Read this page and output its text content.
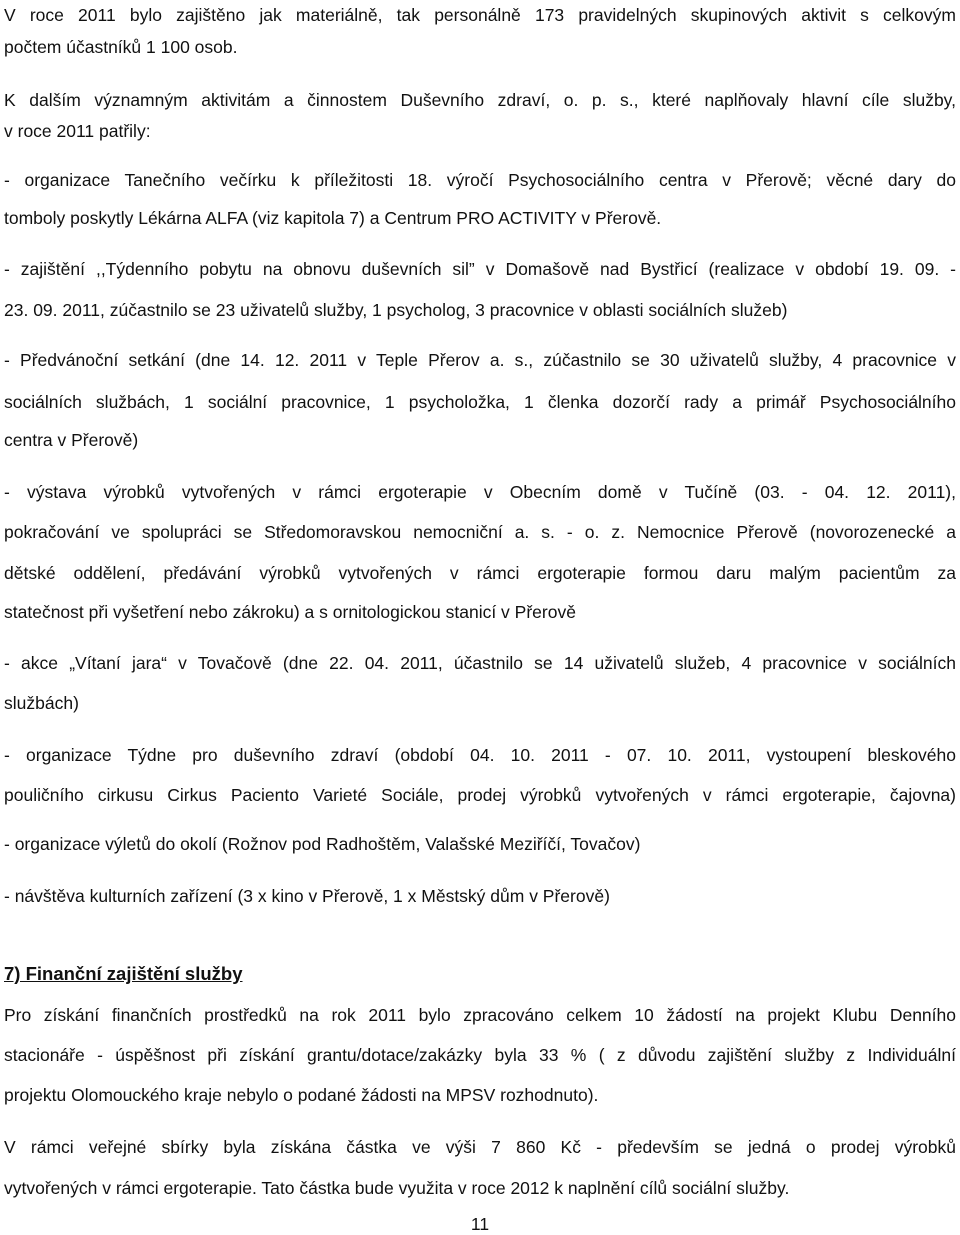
V roce 2011 bylo zajištěno jak materiálně, tak personálně 173 pravidelných skupinových aktivit s celkovým
počtem účastníků 1 100 osob.
K dalším významným aktivitám a činnostem Duševního zdraví, o. p. s., které naplňovaly hlavní cíle služby,
v roce 2011 patřily:
- organizace Tanečního večírku k příležitosti 18. výročí Psychosociálního centra v Přerově; věcné dary do
tomboly poskytly Lékárna ALFA (viz kapitola 7) a Centrum PRO ACTIVITY v Přerově.
- zajištění ,,Týdenního pobytu na obnovu duševních sil” v Domašově nad Bystřicí (realizace v období 19. 09. -
23. 09. 2011, zúčastnilo se 23 uživatelů služby, 1 psycholog, 3 pracovnice v oblasti sociálních služeb)
- Předvánoční setkání (dne 14. 12. 2011 v Teple Přerov a. s., zúčastnilo se 30 uživatelů služby, 4 pracovnice v
sociálních službách, 1 sociální pracovnice, 1 psycholožka, 1 členka dozorčí rady a primář Psychosociálního
centra v Přerově)
- výstava výrobků vytvořených v rámci ergoterapie v Obecním domě v Tučíně (03. - 04. 12. 2011),
pokračování ve spolupráci se Středomoravskou nemocniční a. s. - o. z. Nemocnice Přerově (novorozenecké a
dětské oddělení, předávání výrobků vytvořených v rámci ergoterapie formou daru malým pacientům za
statečnost při vyšetření nebo zákroku) a s ornitologickou stanicí v Přerově
- akce „Vítaní jara“ v Tovačově (dne 22. 04. 2011, účastnilo se 14 uživatelů služeb, 4 pracovnice v sociálních
službách)
- organizace Týdne pro duševního zdraví (období 04. 10. 2011 - 07. 10. 2011, vystoupení bleskového
pouličního cirkusu Cirkus Paciento Varieté Sociále, prodej výrobků vytvořených v rámci ergoterapie, čajovna)
- organizace výletů do okolí (Rožnov pod Radhoštěm, Valašské Meziříčí, Tovačov)
- návštěva kulturních zařízení (3 x kino v Přerově, 1 x Městský dům v Přerově)
7) Finanční zajištění služby
Pro získání finančních prostředků na rok 2011 bylo zpracováno celkem 10 žádostí na projekt Klubu Denního
stacionáře - úspěšnost při získání grantu/dotace/zakázky byla 33 % ( z důvodu zajištění služby z Individuální
projektu Olomouckého kraje nebylo o podané žádosti na MPSV rozhodnuto).
V rámci veřejné sbírky byla získána částka ve výši 7 860 Kč - především se jedná o prodej výrobků
vytvořených v rámci ergoterapie. Tato částka bude využita v roce 2012 k naplnění cílů sociální služby.
11
